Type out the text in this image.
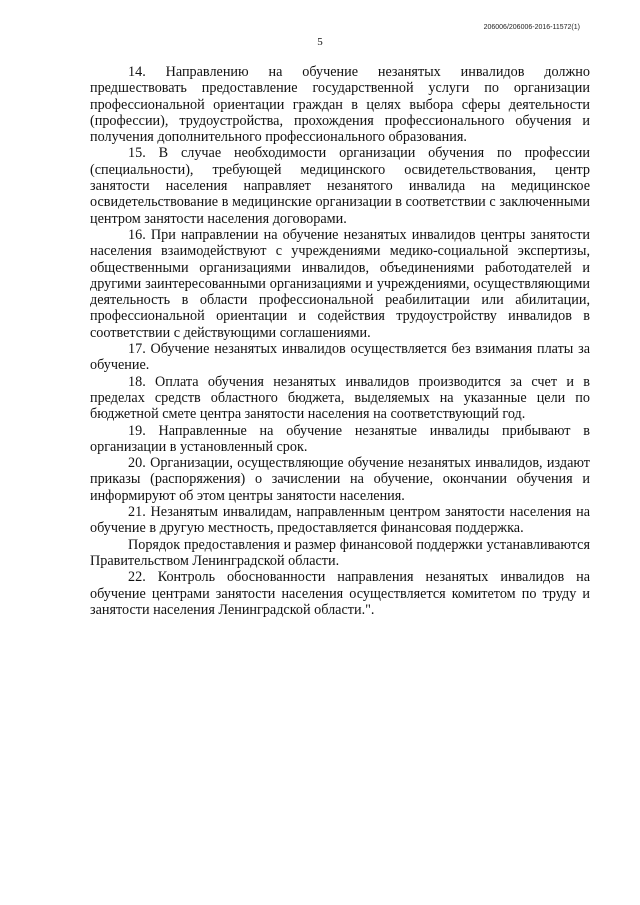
206006/206006-2016-11572(1)
5

14. Направлению на обучение незанятых инвалидов должно предшествовать предоставление государственной услуги по организации профессиональной ориентации граждан в целях выбора сферы деятельности (профессии), трудоустройства, прохождения профессионального обучения и получения дополнительного профессионального образования.

15. В случае необходимости организации обучения по профессии (специальности), требующей медицинского освидетельствования, центр занятости населения направляет незанятого инвалида на медицинское освидетельствование в медицинские организации в соответствии с заключенными центром занятости населения договорами.

16. При направлении на обучение незанятых инвалидов центры занятости населения взаимодействуют с учреждениями медико-социальной экспертизы, общественными организациями инвалидов, объединениями работодателей и другими заинтересованными организациями и учреждениями, осуществляющими деятельность в области профессиональной реабилитации или абилитации, профессиональной ориентации и содействия трудоустройству инвалидов в соответствии с действующими соглашениями.

17. Обучение незанятых инвалидов осуществляется без взимания платы за обучение.

18. Оплата обучения незанятых инвалидов производится за счет и в пределах средств областного бюджета, выделяемых на указанные цели по бюджетной смете центра занятости населения на соответствующий год.

19. Направленные на обучение незанятые инвалиды прибывают в организации в установленный срок.

20. Организации, осуществляющие обучение незанятых инвалидов, издают приказы (распоряжения) о зачислении на обучение, окончании обучения и информируют об этом центры занятости населения.

21. Незанятым инвалидам, направленным центром занятости населения на обучение в другую местность, предоставляется финансовая поддержка.

Порядок предоставления и размер финансовой поддержки устанавливаются Правительством Ленинградской области.

22. Контроль обоснованности направления незанятых инвалидов на обучение центрами занятости населения осуществляется комитетом по труду и занятости населения Ленинградской области.".
